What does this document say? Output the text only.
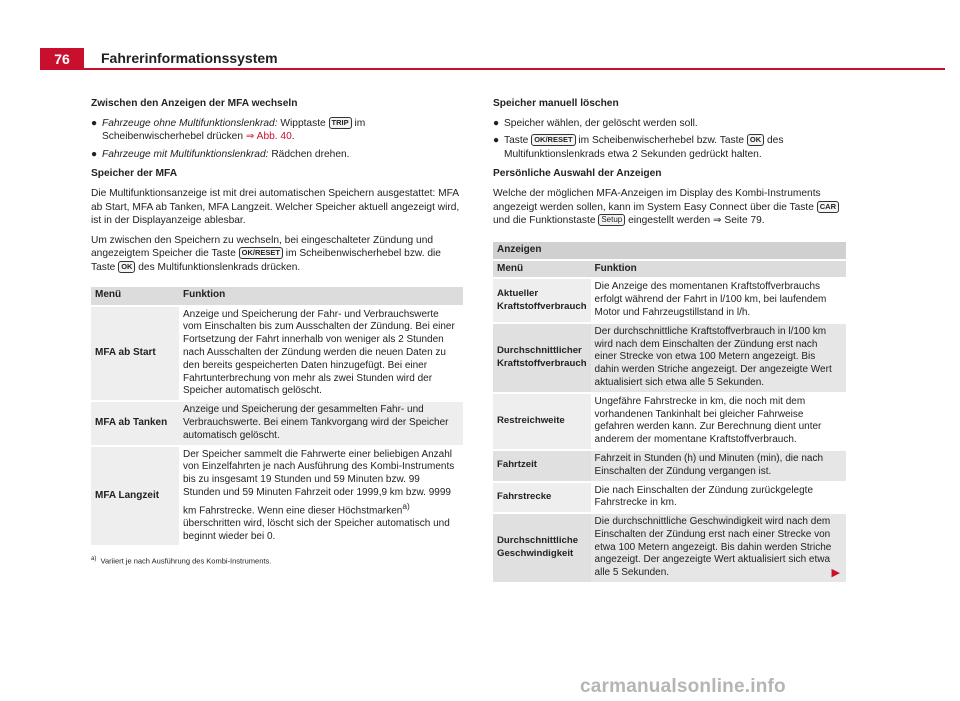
76	Fahrerinformationssystem

Zwischen den Anzeigen der MFA wechseln

● Fahrzeuge ohne Multifunktionslenkrad: Wipptaste TRIP im Scheibenwischerhebel drücken ⇒ Abb. 40.
● Fahrzeuge mit Multifunktionslenkrad: Rädchen drehen.

Speicher der MFA

Die Multifunktionsanzeige ist mit drei automatischen Speichern ausgestattet: MFA ab Start, MFA ab Tanken, MFA Langzeit. Welcher Speicher aktuell angezeigt wird, ist in der Displayanzeige ablesbar.

Um zwischen den Speichern zu wechseln, bei eingeschalteter Zündung und angezeigtem Speicher die Taste OK/RESET im Scheibenwischerhebel bzw. die Taste OK des Multifunktionslenkrads drücken.

Menü	Funktion
MFA ab Start	Anzeige und Speicherung der Fahr- und Verbrauchswerte vom Einschalten bis zum Ausschalten der Zündung. Bei einer Fortsetzung der Fahrt innerhalb von weniger als 2 Stunden nach Ausschalten der Zündung werden die neuen Daten zu den bereits gespeicherten Daten hinzugefügt. Bei einer Fahrtunterbrechung von mehr als zwei Stunden wird der Speicher automatisch gelöscht.
MFA ab Tanken	Anzeige und Speicherung der gesammelten Fahr- und Verbrauchswerte. Bei einem Tankvorgang wird der Speicher automatisch gelöscht.
MFA Langzeit	Der Speicher sammelt die Fahrwerte einer beliebigen Anzahl von Einzelfahrten je nach Ausführung des Kombi-Instruments bis zu insgesamt 19 Stunden und 59 Minuten bzw. 99 Stunden und 59 Minuten Fahrzeit oder 1999,9 km bzw. 9999 km Fahrstrecke. Wenn eine dieser Höchstmarken$^{a)}$ überschritten wird, löscht sich der Speicher automatisch und beginnt wieder bei 0.
$^{a)}$ Variiert je nach Ausführung des Kombi-Instruments.

Speicher manuell löschen

● Speicher wählen, der gelöscht werden soll.
● Taste OK/RESET im Scheibenwischerhebel bzw. Taste OK des Multifunktionslenkrads etwa 2 Sekunden gedrückt halten.

Persönliche Auswahl der Anzeigen

Welche der möglichen MFA-Anzeigen im Display des Kombi-Instruments angezeigt werden sollen, kann im System Easy Connect über die Taste CAR und die Funktionstaste Setup eingestellt werden ⇒ Seite 79.

Anzeigen	
Menü	Funktion
Aktueller Kraftstoffverbrauch	Die Anzeige des momentanen Kraftstoffverbrauchs erfolgt während der Fahrt in l/100 km, bei laufendem Motor und Fahrzeugstillstand in l/h.
Durchschnittlicher Kraftstoffverbrauch	Der durchschnittliche Kraftstoffverbrauch in l/100 km wird nach dem Einschalten der Zündung erst nach einer Strecke von etwa 100 Metern angezeigt. Bis dahin werden Striche angezeigt. Der angezeigte Wert aktualisiert sich etwa alle 5 Sekunden.
Restreichweite	Ungefähre Fahrstrecke in km, die noch mit dem vorhandenen Tankinhalt bei gleicher Fahrweise gefahren werden kann. Zur Berechnung dient unter anderem der momentane Kraftstoffverbrauch.
Fahrtzeit	Fahrzeit in Stunden (h) und Minuten (min), die nach Einschalten der Zündung vergangen ist.
Fahrstrecke	Die nach Einschalten der Zündung zurückgelegte Fahrstrecke in km.
Durchschnittliche Geschwindigkeit	Die durchschnittliche Geschwindigkeit wird nach dem Einschalten der Zündung erst nach einer Strecke von etwa 100 Metern angezeigt. Bis dahin werden Striche angezeigt. Der angezeigte Wert aktualisiert sich etwa alle 5 Sekunden. ▶
carmanualsonline.info
